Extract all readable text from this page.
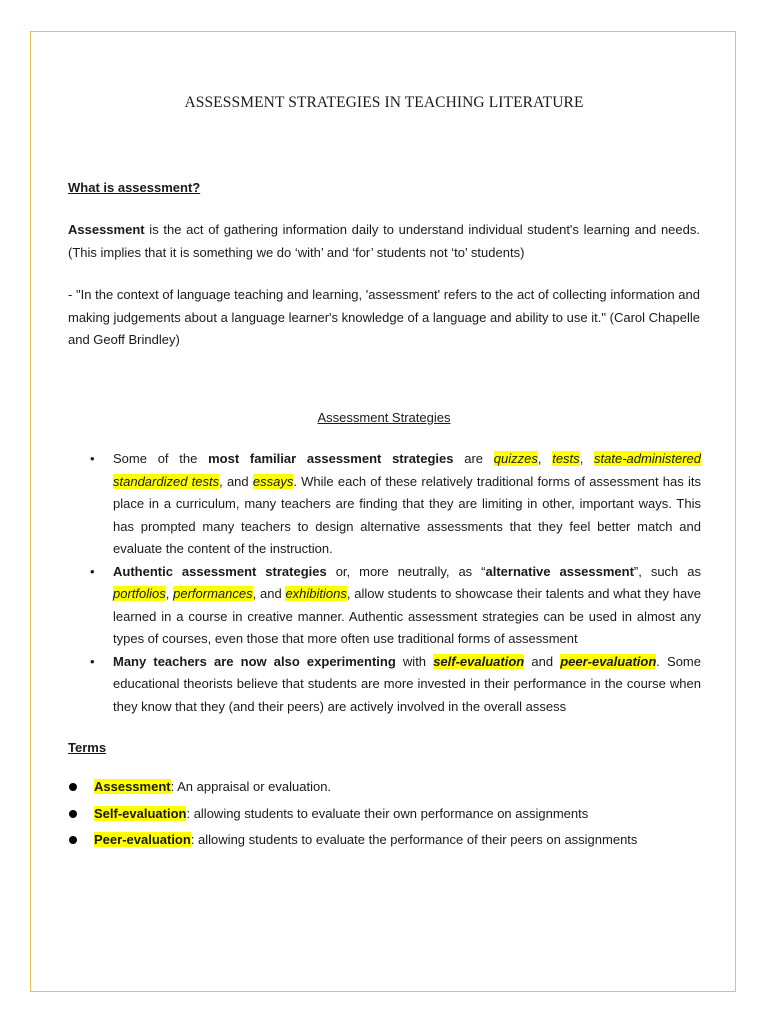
ASSESSMENT STRATEGIES IN TEACHING LITERATURE
What is assessment?

Assessment is the act of gathering information daily to understand individual student's learning and needs. (This implies that it is something we do ‘with’ and ‘for’ students not ‘to’ students)

- "In the context of language teaching and learning, 'assessment' refers to the act of collecting information and making judgements about a language learner's knowledge of a language and ability to use it." (Carol Chapelle and Geoff Brindley)

Assessment Strategies
• Some of the most familiar assessment strategies are quizzes, tests, state-administered standardized tests, and essays. While each of these relatively traditional forms of assessment has its place in a curriculum, many teachers are finding that they are limiting in other, important ways. This has prompted many teachers to design alternative assessments that they feel better match and evaluate the content of the instruction.
• Authentic assessment strategies or, more neutrally, as “alternative assessment”, such as portfolios, performances, and exhibitions, allow students to showcase their talents and what they have learned in a course in creative manner. Authentic assessment strategies can be used in almost any types of courses, even those that more often use traditional forms of assessment
• Many teachers are now also experimenting with self-evaluation and peer-evaluation. Some educational theorists believe that students are more invested in their performance in the course when they know that they (and their peers) are actively involved in the overall assess
Terms
Assessment: An appraisal or evaluation.
Self-evaluation: allowing students to evaluate their own performance on assignments
Peer-evaluation: allowing students to evaluate the performance of their peers on assignments
